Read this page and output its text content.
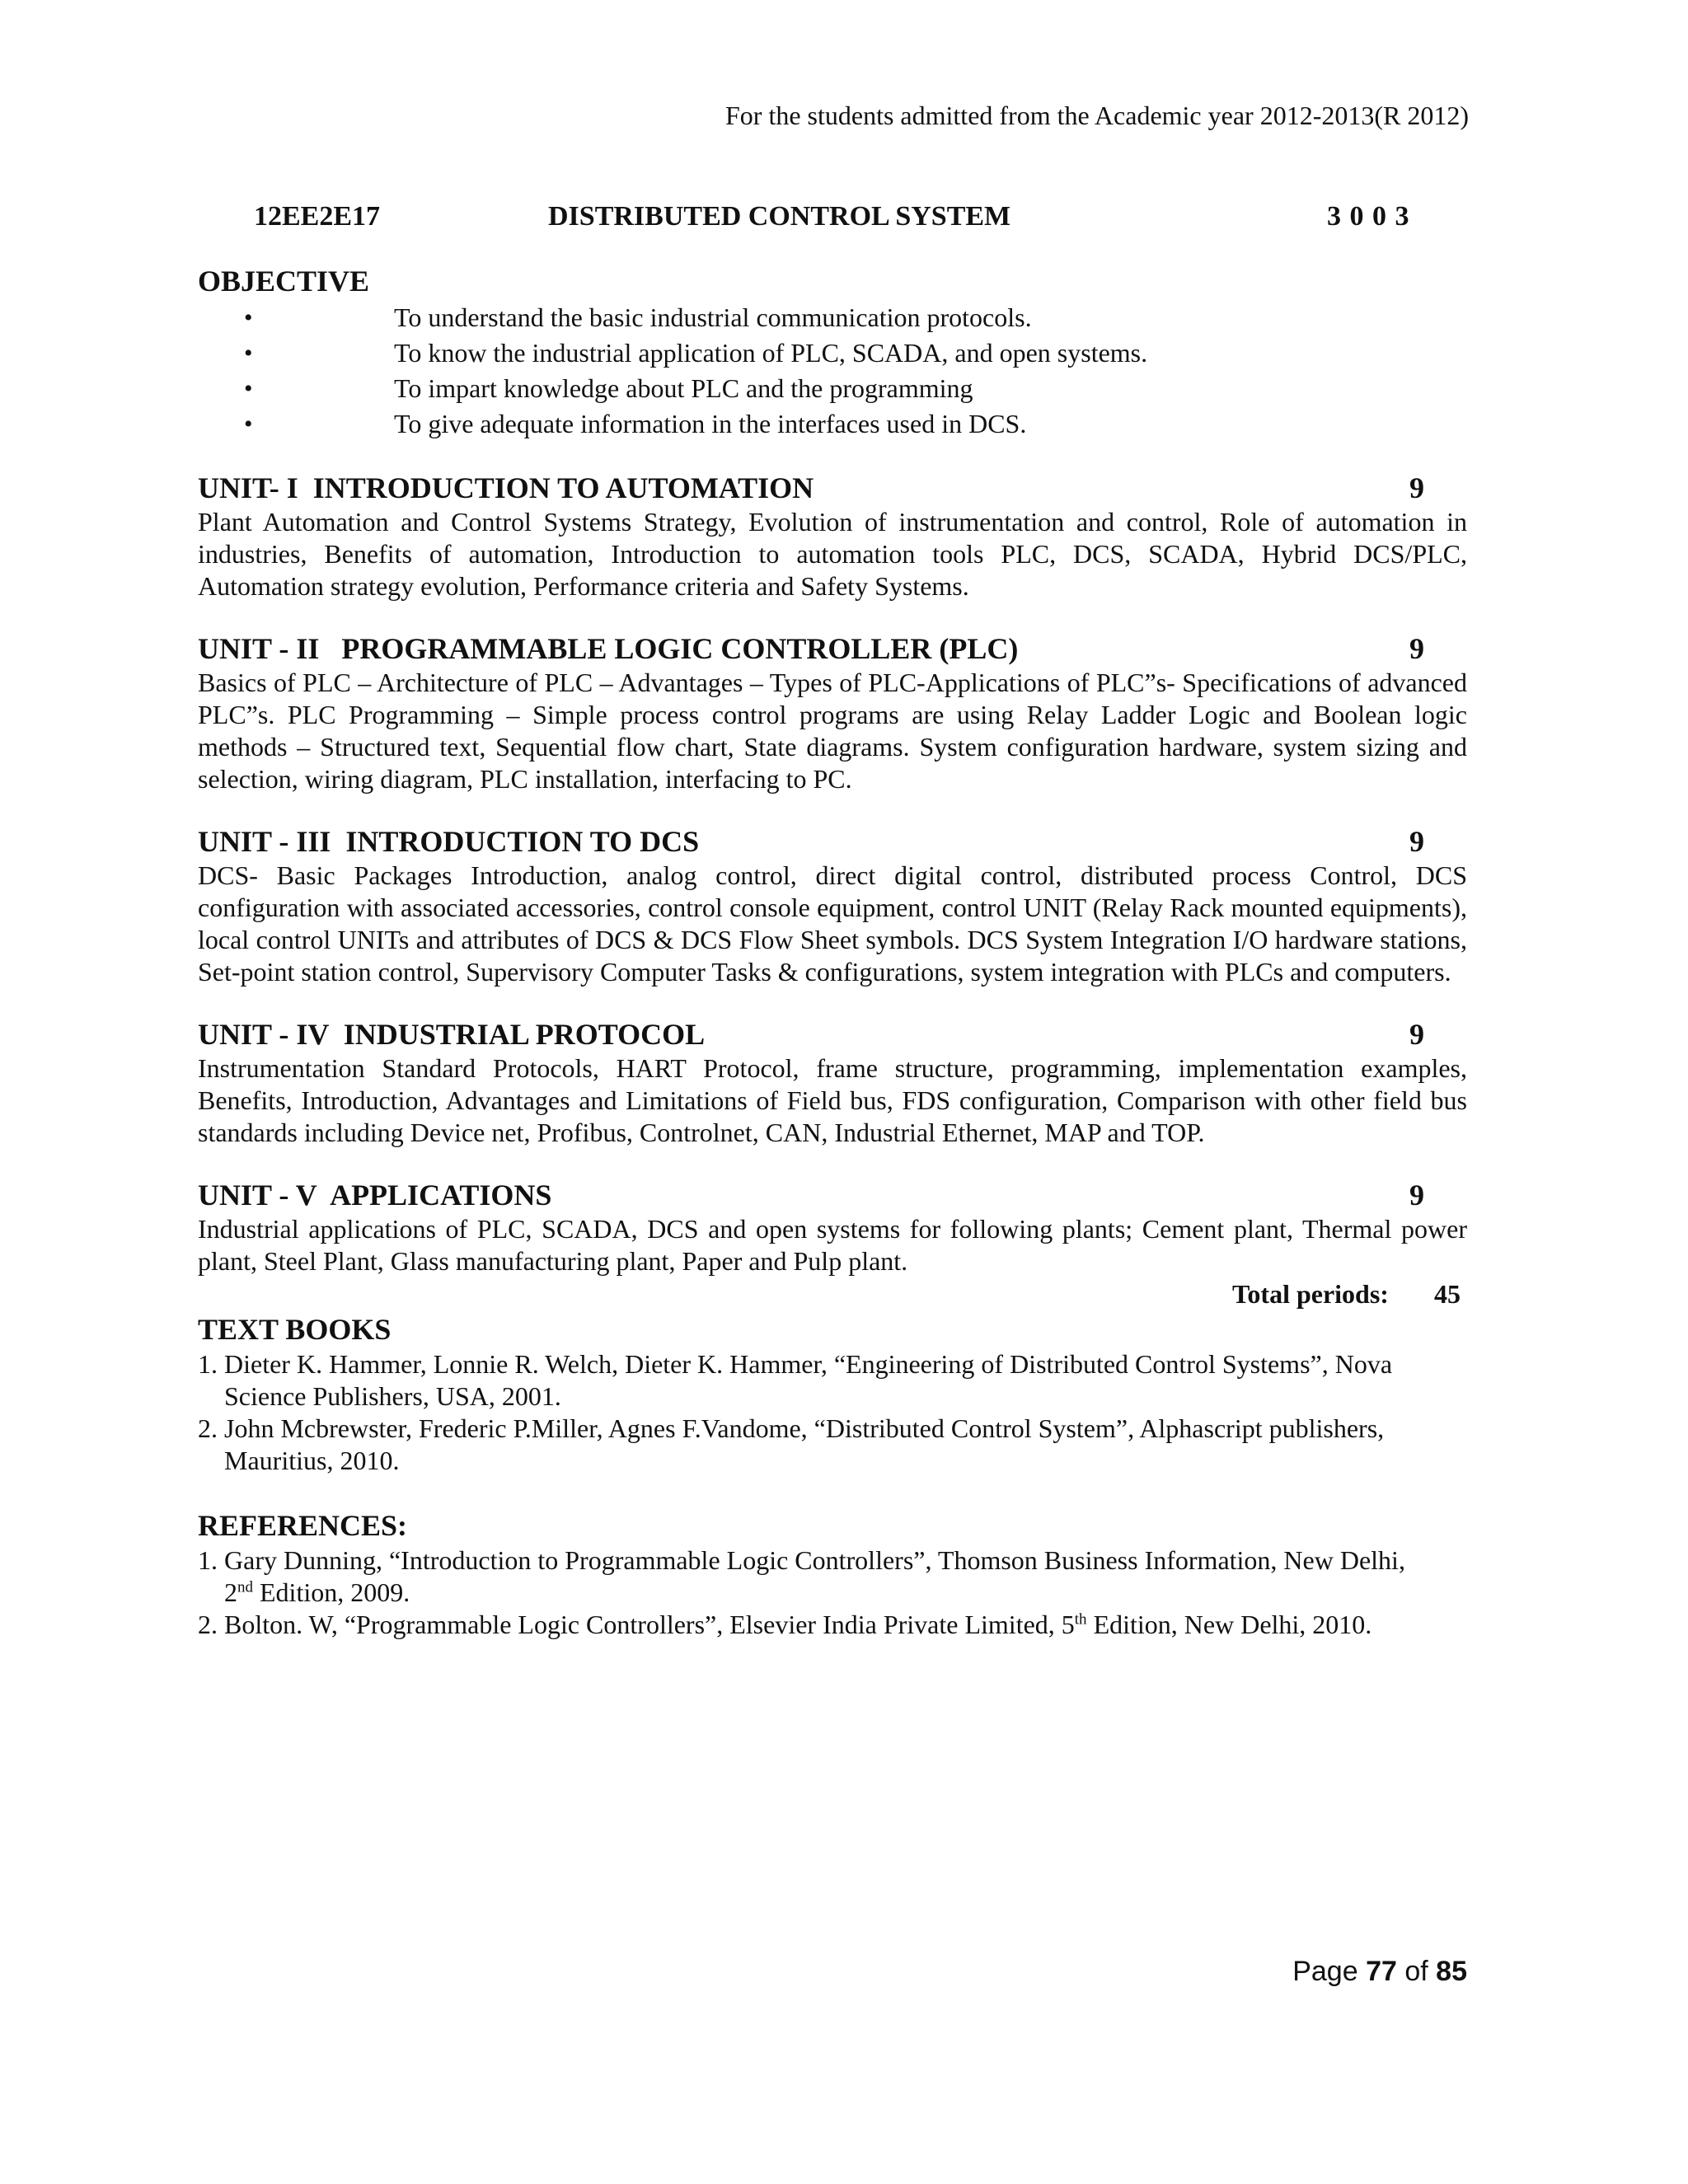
For the students admitted from the Academic year 2012-2013(R 2012)
12EE2E17	DISTRIBUTED CONTROL SYSTEM	3 0 0 3
OBJECTIVE
•	To understand the basic industrial communication protocols.
•	To know the industrial application of PLC, SCADA, and open systems.
•	To impart knowledge about PLC and the programming
•	To give adequate information in the interfaces used in DCS.
UNIT- I  INTRODUCTION TO AUTOMATION	9

Plant Automation and Control Systems Strategy, Evolution of instrumentation and control, Role of automation in industries, Benefits of automation, Introduction to automation tools PLC, DCS, SCADA, Hybrid DCS/PLC, Automation strategy evolution, Performance criteria and Safety Systems.

UNIT - II   PROGRAMMABLE LOGIC CONTROLLER (PLC)	9

Basics of PLC – Architecture of PLC – Advantages – Types of PLC-Applications of PLC”s- Specifications of advanced PLC”s. PLC Programming – Simple process control programs are using Relay Ladder Logic and Boolean logic methods – Structured text, Sequential flow chart, State diagrams. System configuration hardware, system sizing and selection, wiring diagram, PLC installation, interfacing to PC.

UNIT - III  INTRODUCTION TO DCS	9

DCS- Basic Packages Introduction, analog control, direct digital control, distributed process Control, DCS configuration with associated accessories, control console equipment, control UNIT (Relay Rack mounted equipments), local control UNITs and attributes of DCS & DCS Flow Sheet symbols. DCS System Integration I/O hardware stations, Set-point station control, Supervisory Computer Tasks & configurations, system integration with PLCs and computers.

UNIT - IV  INDUSTRIAL PROTOCOL	9

Instrumentation Standard Protocols, HART Protocol, frame structure, programming, implementation examples, Benefits, Introduction, Advantages and Limitations of Field bus, FDS configuration, Comparison with other field bus standards including Device net, Profibus, Controlnet, CAN, Industrial Ethernet, MAP and TOP.

UNIT - V  APPLICATIONS	9

Industrial applications of PLC, SCADA, DCS and open systems for following plants; Cement plant, Thermal power plant, Steel Plant, Glass manufacturing plant, Paper and Pulp plant.

Total periods: 45
TEXT BOOKS
1. Dieter K. Hammer, Lonnie R. Welch, Dieter K. Hammer, “Engineering of Distributed Control Systems”, Nova Science Publishers, USA, 2001.
2. John Mcbrewster, Frederic P.Miller, Agnes F.Vandome, “Distributed Control System”, Alphascript publishers, Mauritius, 2010.
REFERENCES:
1. Gary Dunning, “Introduction to Programmable Logic Controllers”, Thomson Business Information, New Delhi, 2nd Edition, 2009.
2. Bolton. W, “Programmable Logic Controllers”, Elsevier India Private Limited, 5th Edition, New Delhi, 2010.
Page 77 of 85
